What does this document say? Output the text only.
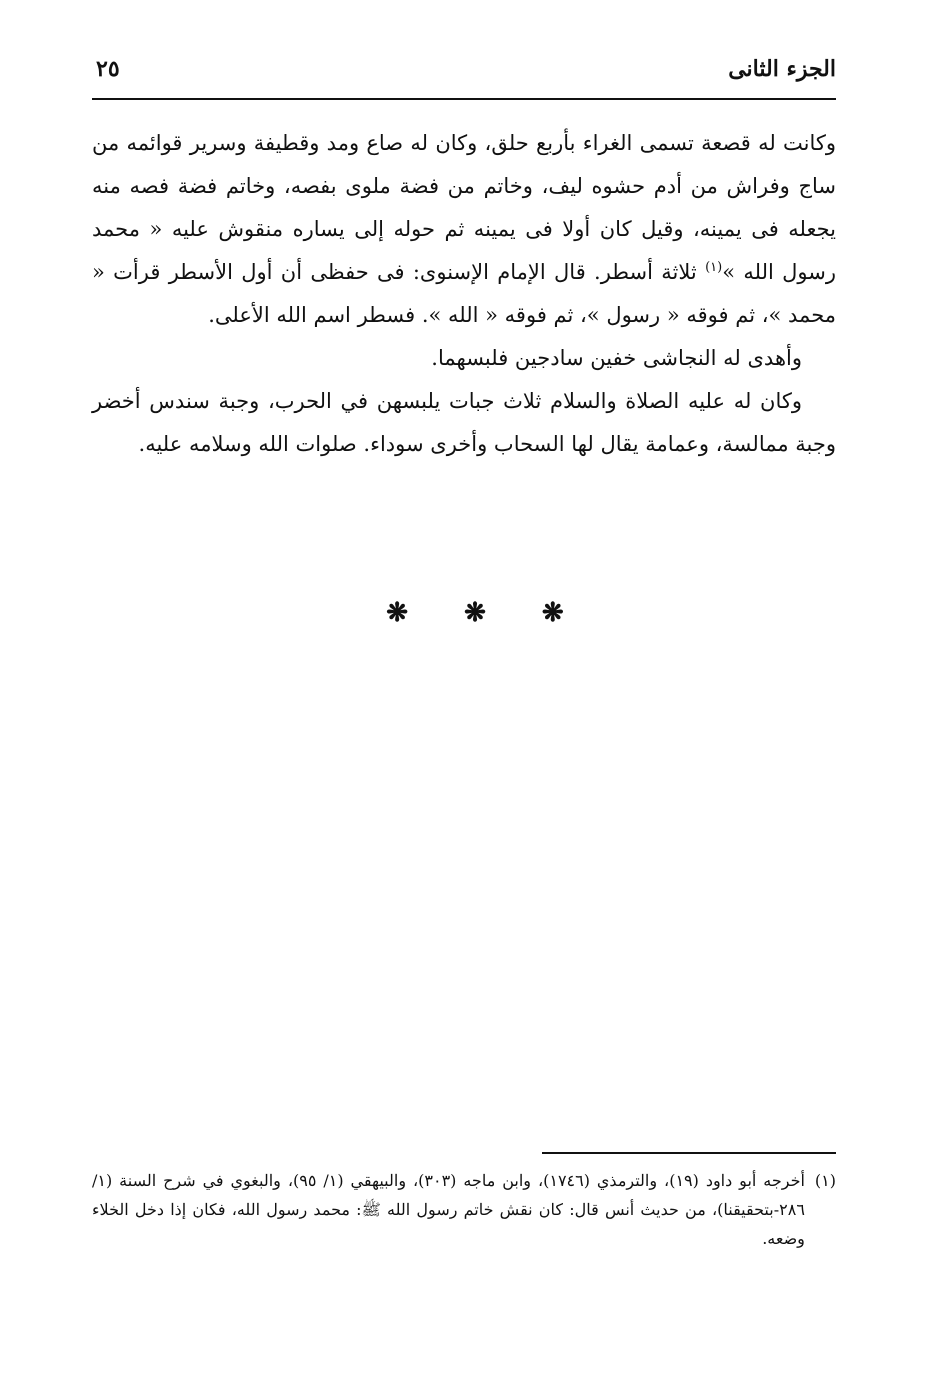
الجزء الثانى
٢٥

وكانت له قصعة تسمى الغراء بأربع حلق، وكان له صاع ومد وقطيفة وسرير قوائمه من ساج وفراش من أدم حشوه ليف، وخاتم من فضة ملوى بفصه، وخاتم فضة فصه منه يجعله فى يمينه، وقيل كان أولا فى يمينه ثم حوله إلى يساره منقوش عليه « محمد رسول الله »$^{(١)}$ ثلاثة أسطر. قال الإمام الإسنوى: فى حفظى أن أول الأسطر قرأت « محمد »، ثم فوقه « رسول »، ثم فوقه « الله ». فسطر اسم الله الأعلى.

وأهدى له النجاشى خفين سادجين فلبسهما.

وكان له عليه الصلاة والسلام ثلاث جبات يلبسهن في الحرب، وجبة سندس أخضر وجبة ممالسة، وعمامة يقال لها السحاب وأخرى سوداء. صلوات الله وسلامه عليه.

❋❋❋
(١)
أخرجه أبو داود (١٩)، والترمذي (١٧٤٦)، وابن ماجه (٣٠٣)، والبيهقي (١/ ٩٥)، والبغوي في شرح السنة (١/ ٢٨٦-بتحقيقنا)، من حديث أنس قال: كان نقش خاتم رسول الله ﷺ: محمد رسول الله، فكان إذا دخل الخلاء وضعه.
